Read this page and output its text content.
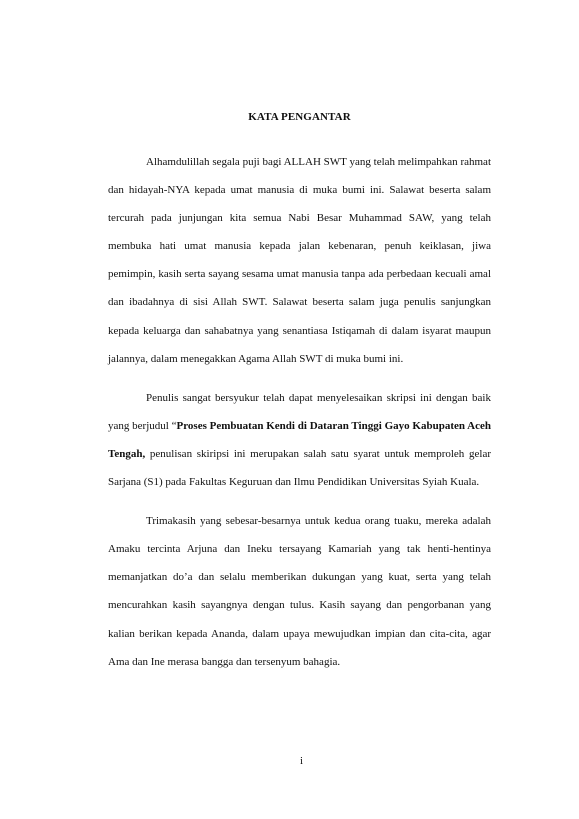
KATA PENGANTAR

Alhamdulillah segala puji bagi ALLAH SWT yang telah melimpahkan rahmat dan hidayah-NYA kepada umat manusia di muka bumi ini. Salawat beserta salam tercurah pada junjungan kita semua Nabi Besar Muhammad SAW, yang telah membuka hati umat manusia kepada jalan kebenaran, penuh keiklasan, jiwa pemimpin, kasih serta sayang sesama umat manusia tanpa ada perbedaan kecuali amal dan ibadahnya di sisi Allah SWT. Salawat beserta salam juga penulis sanjungkan kepada keluarga dan sahabatnya yang senantiasa Istiqamah di dalam isyarat maupun jalannya, dalam menegakkan Agama Allah SWT di muka bumi ini.

Penulis sangat bersyukur telah dapat menyelesaikan skripsi ini dengan baik yang berjudul “Proses Pembuatan Kendi di Dataran Tinggi Gayo Kabupaten Aceh Tengah, penulisan skiripsi ini merupakan salah satu syarat untuk memproleh gelar Sarjana (S1) pada Fakultas Keguruan dan Ilmu Pendidikan Universitas Syiah Kuala.

Trimakasih yang sebesar-besarnya untuk kedua orang tuaku, mereka adalah Amaku tercinta Arjuna dan Ineku tersayang Kamariah yang tak henti-hentinya memanjatkan do’a dan selalu memberikan dukungan yang kuat, serta yang telah mencurahkan kasih sayangnya dengan tulus. Kasih sayang dan pengorbanan yang kalian berikan kepada Ananda, dalam upaya mewujudkan impian dan cita-cita, agar Ama dan Ine merasa bangga dan tersenyum bahagia.

i
